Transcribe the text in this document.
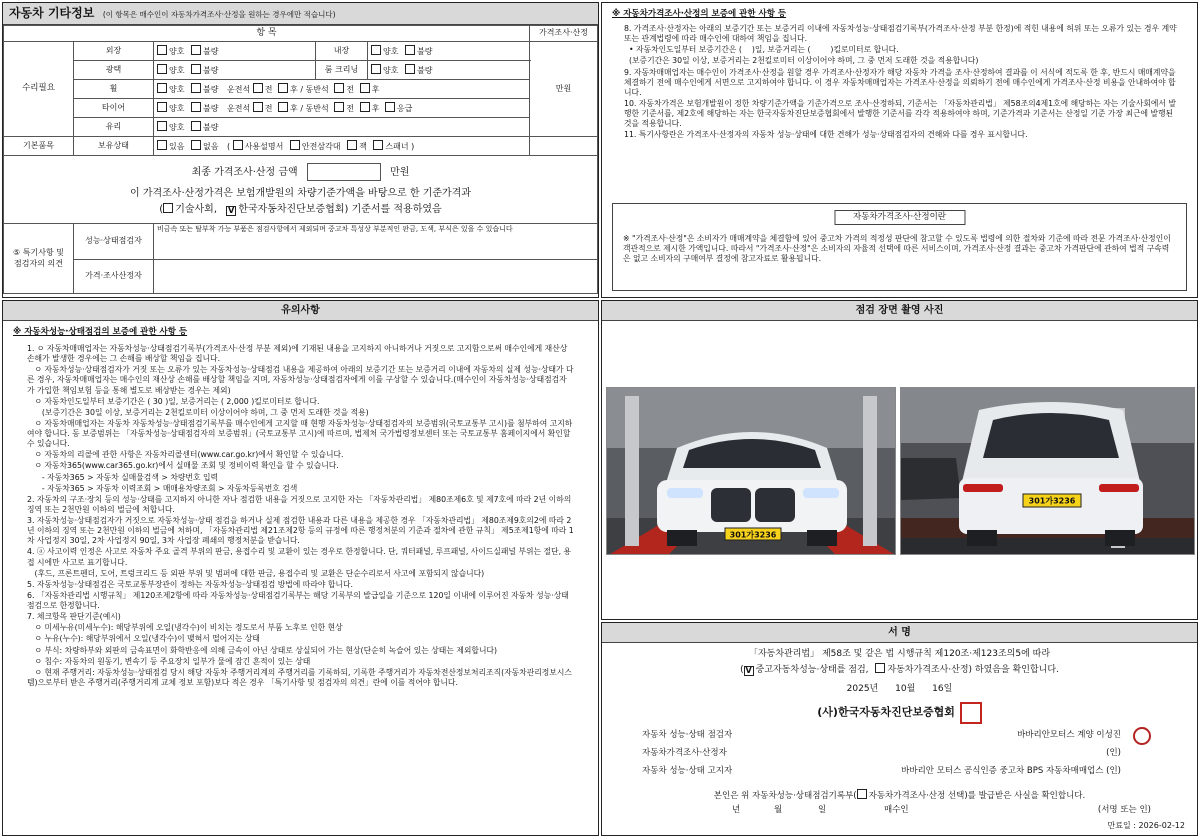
자동차 기타정보 (이 항목은 매수인이 자동차가격조사·산정을 원하는 경우에만 적습니다)
항 목					가격조사·산정
수리필요	외장	양호 불량	내장	양호 불량	만원
	광택	양호 불량	룸 크리닝	양호 불량	
	휠	양호 불량 운전석 전 후 / 동반석 전 후			
	타이어	양호 불량 운전석 전 후 / 동반석 전 후 응급			
	유리	양호 불량			
기본품목	보유상태	있음 없음 ( 사용설명서 안전삼각대 잭 스패너 )			

최종 가격조사·산정 금액 만원
이 가격조사·산정가격은 보험개발원의 차량기준가액을 바탕으로 한 기준가격과
( 기술사회, V 한국자동차진단보증협회) 기준서를 적용하였음					

⑤ 특기사항 및
점검자의 의견	성능·상태점검자	비금속 또는 탈부착 가능 부품은 점검사항에서 제외되며 중고차 특성상 부분적인 판금, 도색, 부식은 있을 수 있습니다			
	가격·조사산정자				
※ 자동차가격조사·산정의 보증에 관한 사항 등
8. 가격조사·산정자는 아래의 보증기간 또는 보증거리 이내에 자동차성능·상태점검기록부(가격조사·산정 부분 한정)에 적힌 내용에 허위 또는 오류가 있는 경우 계약 또는 관계법령에 따라 매수인에 대하여 책임을 집니다.
• 자동차인도일부터 보증기간은 (    )일, 보증거리는 (        )킬로미터로 합니다.
(보증기간은 30일 이상, 보증거리는 2천킬로미터 이상이어야 하며, 그 중 먼저 도래한 것을 적용합니다)
9. 자동차매매업자는 매수인이 가격조사·산정을 원할 경우 가격조사·산정자가 해당 자동차 가격을 조사·산정하여 결과를 이 서식에 적도록 한 후, 반드시 매매계약을 체결하기 전에 매수인에게 서면으로 고지하여야 합니다. 이 경우 자동차매매업자는 가격조사·산정을 의뢰하기 전에 매수인에게 가격조사·산정 비용을 안내하여야 합니다.
10. 자동차가격은 보험개발원이 정한 차량기준가액을 기준가격으로 조사·산정하되, 기준서는 「자동차관리법」 제58조의4제1호에 해당하는 자는 기술사회에서 발행한 기준서를, 제2호에 해당하는 자는 한국자동차진단보증협회에서 발행한 기준서를 각각 적용하여야 하며, 기준가격과 기준서는 산정일 기준 가장 최근에 발행된 것을 적용합니다.
11. 특기사항란은 가격조사·산정자의 자동차 성능·상태에 대한 견해가 성능·상태점검자의 견해와 다를 경우 표시합니다.
자동차가격조사·산정이란
※ "가격조사·산정"은 소비자가 매매계약을 체결함에 있어 중고차 가격의 적정성 판단에 참고할 수 있도록 법령에 의한 절차와 기준에 따라 전문 가격조사·산정인이 객관적으로 제시한 가액입니다. 따라서 "가격조사·산정"은 소비자의 자율적 선택에 따른 서비스이며, 가격조사·산정 결과는 중고차 가격판단에 관하여 법적 구속력은 없고 소비자의 구매여부 결정에 참고자료로 활용됩니다.
유의사항
※ 자동차성능·상태점검의 보증에 관한 사항 등
1. ㅇ 자동차매매업자는 자동차성능·상태점검기록부(가격조사·산정 부분 제외)에 기재된 내용을 고지하지 아니하거나 거짓으로 고지함으로써 매수인에게 재산상 손해가 발생한 경우에는 그 손해를 배상할 책임을 집니다.
ㅇ 자동차성능·상태점검자가 거짓 또는 오류가 있는 자동차성능·상태점검 내용을 제공하여 아래의 보증기간 또는 보증거리 이내에 자동차의 실제 성능·상태가 다른 경우, 자동차매매업자는 매수인의 재산상 손해를 배상할 책임을 지며, 자동차성능·상태점검자에게 이를 구상할 수 있습니다.(매수인이 자동차성능·상태점검자가 가입한 책임보험 등을 통해 별도로 배상받는 경우는 제외)
ㅇ 자동차인도일부터 보증기간은 ( 30 )일, 보증거리는 ( 2,000 )킬로미터로 합니다.
(보증기간은 30일 이상, 보증거리는 2천킬로미터 이상이어야 하며, 그 중 먼저 도래한 것을 적용)
ㅇ 자동차매매업자는 자동차 자동차성능·상태점검기록부를 매수인에게 고지할 때 현행 자동차성능·상태점검자의 보증범위(국토교통부 고시)를 첨부하여 고지하여야 합니다. 동 보증범위는 「자동차성능·상태점검자의 보증범위」(국토교통부 고시)에 따르며, 법제처 국가법령정보센터 또는 국토교통부 홈페이지에서 확인할 수 있습니다.
ㅇ 자동차의 리콜에 관한 사항은 자동차리콜센터(www.car.go.kr)에서 확인할 수 있습니다.
ㅇ 자동차365(www.car365.go.kr)에서 실매물 조회 및 정비이력 확인을 할 수 있습니다.
- 자동차365 > 자동차 실매물검색 > 차량번호 입력
- 자동차365 > 자동차 이력조회 > 매매용차량조회 > 자동차등록번호 검색
2. 자동차의 구조·장치 등의 성능·상태를 고지하지 아니한 자나 점검한 내용을 거짓으로 고지한 자는 「자동차관리법」 제80조제6호 및 제7호에 따라 2년 이하의 징역 또는 2천만원 이하의 벌금에 처합니다.
3. 자동차성능·상태점검자가 거짓으로 자동차성능·상태 점검을 하거나 실제 점검한 내용과 다른 내용을 제공한 경우 「자동차관리법」 제80조제9호의2에 따라 2년 이하의 징역 또는 2천만원 이하의 벌금에 처하며, 「자동차관리법 제21조제2항 등의 규정에 따른 행정처분의 기준과 절차에 관한 규칙」 제5조제1항에 따라 1차 사업정지 30일, 2차 사업정지 90일, 3차 사업장 폐쇄의 행정처분을 받습니다.
4. ⓐ 사고이력 인정은 사고로 자동차 주요 골격 부위의 판금, 용접수리 및 교환이 있는 경우로 한정합니다. 단, 쿼터패널, 루프패널, 사이드실패널 부위는 절단, 용접 시에만 사고로 표기합니다.
(후드, 프론트펜더, 도어, 트렁크리드 등 외판 부위 및 범퍼에 대한 판금, 용접수리 및 교환은 단순수리로서 사고에 포함되지 않습니다)
5. 자동차성능·상태점검은 국토교통부장관이 정하는 자동차성능·상태점검 방법에 따라야 합니다.
6. 「자동차관리법 시행규칙」 제120조제2항에 따라 자동차성능·상태점검기록부는 해당 기록부의 발급일을 기준으로 120일 이내에 이루어진 자동차 성능·상태점검으로 한정합니다.
7. 체크항목 판단기준(예시)
ㅇ 미세누유(미세누수): 해당부위에 오일(냉각수)이 비치는 정도로서 부품 노후로 인한 현상
ㅇ 누유(누수): 해당부위에서 오일(냉각수)이 맺혀서 떨어지는 상태
ㅇ 부식: 차량하부와 외판의 금속표면이 화학반응에 의해 금속이 아닌 상태로 상실되어 가는 현상(단순히 녹슬어 있는 상태는 제외합니다)
ㅇ 침수: 자동차의 원동기, 변속기 등 주요장치 일부가 물에 잠긴 흔적이 있는 상태
ㅇ 현재 주행거리: 자동차성능·상태점검 당시 해당 자동차 주행거리계의 주행거리를 기록하되, 기록한 주행거리가 자동차전산정보처리조직(자동차관리정보시스템)으로부터 받은 주행거리(주행거리계 교체 정보 포함)보다 적은 경우 「특기사항 및 점검자의 의견」란에 이를 적어야 합니다.
점검 장면 촬영 사진
301가3236
301가3236
서 명
「자동차관리법」 제58조 및 같은 법 시행규칙 제120조·제123조의5에 따라
( V 중고자동차성능·상태를 점검, 자동차가격조사·산정) 하였음을 확인합니다.
2025년 10월 16일
(사)한국자동차진단보증협회
자동차 성능·상태 점검자	바바리안모터스 계양 이성진
자동차가격조사·산정자	(인)
자동차 성능·상태 고지자	바바리안 모터스 공식인증 중고차 BPS 자동차매매업스 (인)
본인은 위 자동차성능·상태점검기록부( 자동차가격조사·산정 선택)를 발급받은 사실을 확인합니다.
년	월	일	매수인	(서명 또는 인)
만료일 : 2026-02-12
